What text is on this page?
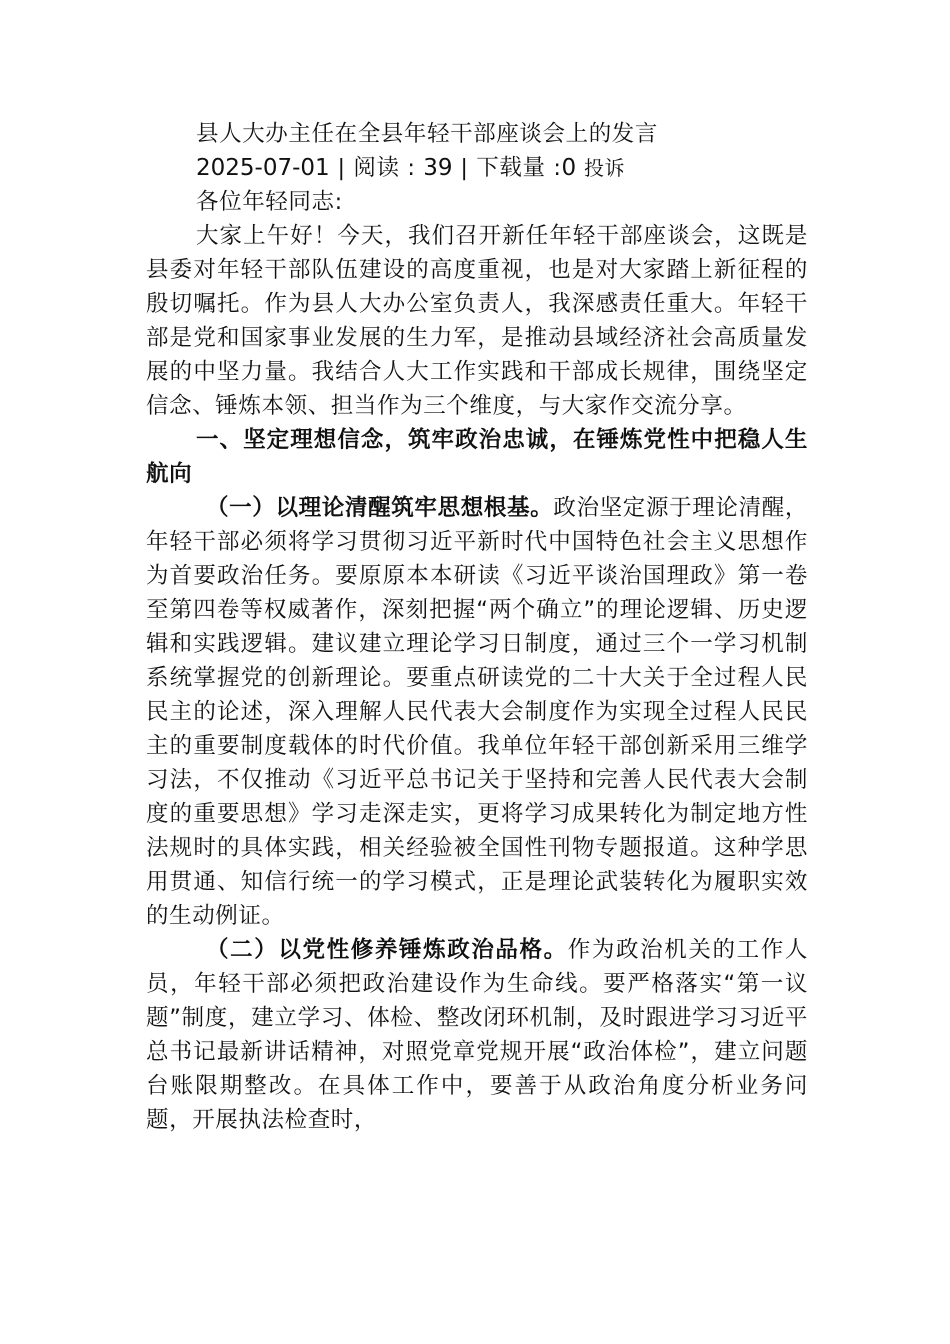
县人大办主任在全县年轻干部座谈会上的发言
2025-07-01 | 阅读 : 39 | 下载量 :0 投诉
各位年轻同志:

大家上午好！今天，我们召开新任年轻干部座谈会，这既是县委对年轻干部队伍建设的高度重视，也是对大家踏上新征程的殷切嘱托。作为县人大办公室负责人，我深感责任重大。年轻干部是党和国家事业发展的生力军，是推动县域经济社会高质量发展的中坚力量。我结合人大工作实践和干部成长规律，围绕坚定信念、锤炼本领、担当作为三个维度，与大家作交流分享。

一、坚定理想信念，筑牢政治忠诚，在锤炼党性中把稳人生航向

（一）以理论清醒筑牢思想根基。政治坚定源于理论清醒，年轻干部必须将学习贯彻习近平新时代中国特色社会主义思想作为首要政治任务。要原原本本研读《习近平谈治国理政》第一卷至第四卷等权威著作，深刻把握“两个确立”的理论逻辑、历史逻辑和实践逻辑。建议建立理论学习日制度，通过三个一学习机制系统掌握党的创新理论。要重点研读党的二十大关于全过程人民民主的论述，深入理解人民代表大会制度作为实现全过程人民民主的重要制度载体的时代价值。我单位年轻干部创新采用三维学习法，不仅推动《习近平总书记关于坚持和完善人民代表大会制度的重要思想》学习走深走实，更将学习成果转化为制定地方性法规时的具体实践，相关经验被全国性刊物专题报道。这种学思用贯通、知信行统一的学习模式，正是理论武装转化为履职实效的生动例证。

（二）以党性修养锤炼政治品格。作为政治机关的工作人员，年轻干部必须把政治建设作为生命线。要严格落实“第一议题”制度，建立学习、体检、整改闭环机制，及时跟进学习习近平总书记最新讲话精神，对照党章党规开展“政治体检”，建立问题台账限期整改。在具体工作中，要善于从政治角度分析业务问题，开展执法检查时，
